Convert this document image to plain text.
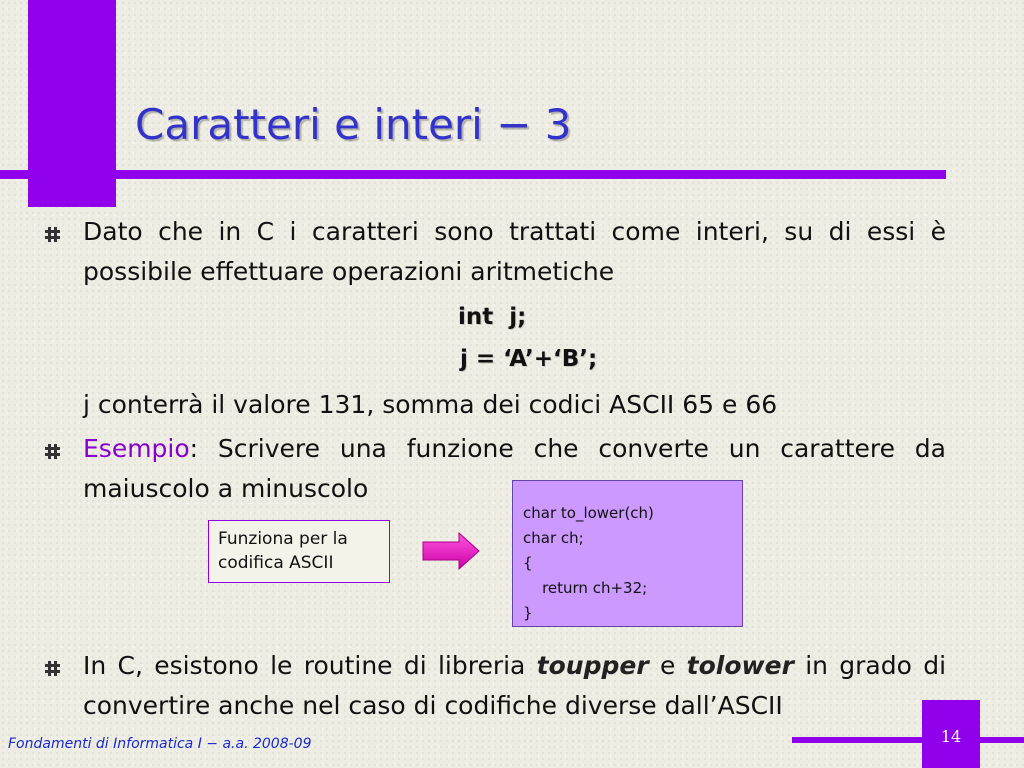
Caratteri e interi − 3
Dato che in C i caratteri sono trattati come interi, su di essi è possibile effettuare operazioni aritmetiche
int  j;
j = ‘A’+‘B’;
j conterrà il valore 131, somma dei codici ASCII 65 e 66
Esempio: Scrivere una funzione che converte un carattere da maiuscolo a minuscolo
Funziona per la codifica ASCII
char to_lower(ch)
char ch;
{
return ch+32;
}
In C, esistono le routine di libreria toupper e tolower in grado di convertire anche nel caso di codifiche diverse dall’ASCII
Fondamenti di Informatica I − a.a. 2008-09	14
